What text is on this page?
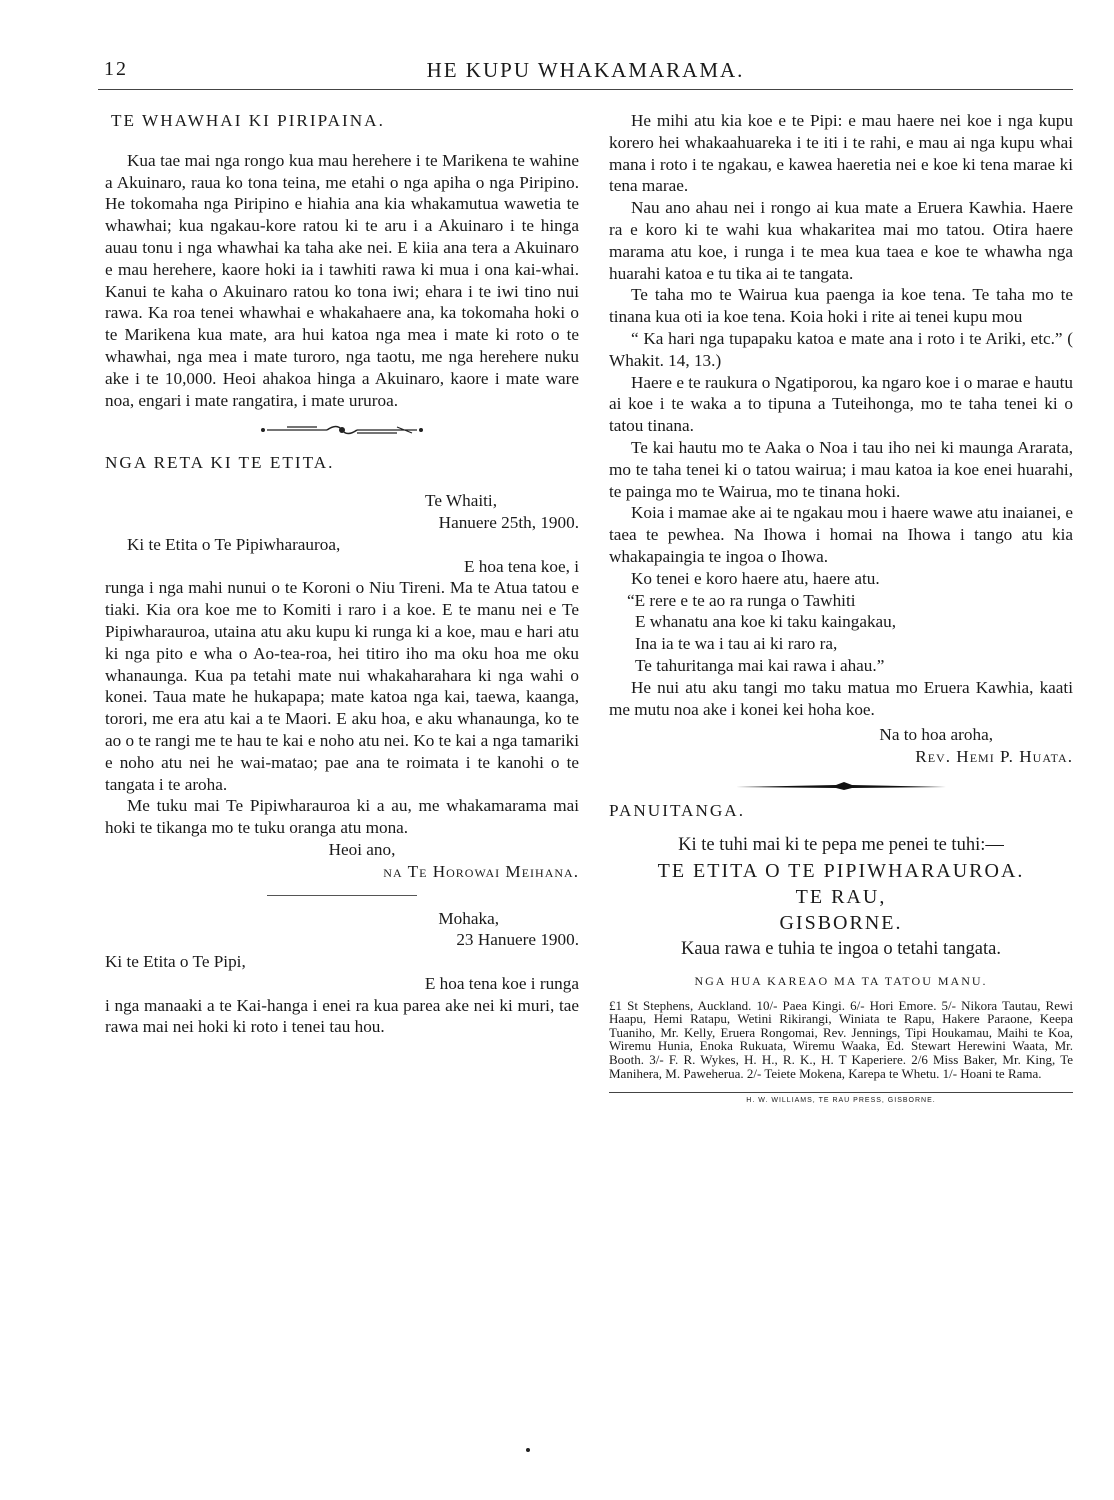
12	HE KUPU WHAKAMARAMA.

TE WHAWHAI KI PIRIPAINA.

Kua tae mai nga rongo kua mau herehere i te Marikena te wahine a Akuinaro, raua ko tona teina, me etahi o nga apiha o nga Piripino. He tokomaha nga Piripino e hiahia ana kia whakamutua wawetia te whawhai; kua ngakau-kore ratou ki te aru i a Akuinaro i te hinga auau tonu i nga whawhai ka taha ake nei. E kiia ana tera a Akuinaro e mau herehere, kaore hoki ia i tawhiti rawa ki mua i ona kai-whai. Kanui te kaha o Akuinaro ratou ko tona iwi; ehara i te iwi tino nui rawa. Ka roa tenei whawhai e whakahaere ana, ka tokomaha hoki o te Marikena kua mate, ara hui katoa nga mea i mate ki roto o te whawhai, nga mea i mate turoro, nga taotu, me nga herehere nuku ake i te 10,000. Heoi ahakoa hinga a Akuinaro, kaore i mate ware noa, engari i mate rangatira, i mate ururoa.

NGA RETA KI TE ETITA.

Te Whaiti,

Hanuere 25th, 1900.

Ki te Etita o Te Pipiwharauroa,

E hoa tena koe, i

runga i nga mahi nunui o te Koroni o Niu Tireni. Ma te Atua tatou e tiaki. Kia ora koe me to Komiti i raro i a koe. E te manu nei e Te Pipiwharauroa, utaina atu aku kupu ki runga ki a koe, mau e hari atu ki nga pito e wha o Ao-tea-roa, hei titiro iho ma oku hoa me oku whanaunga. Kua pa tetahi mate nui whakaharahara ki nga wahi o konei. Taua mate he hukapapa; mate katoa nga kai, taewa, kaanga, torori, me era atu kai a te Maori. E aku hoa, e aku whanaunga, ko te ao o te rangi me te hau te kai e noho atu nei. Ko te kai a nga tamariki e noho atu nei he wai-matao; pae ana te roimata i te kanohi o te tangata i te aroha.

Me tuku mai Te Pipiwharauroa ki a au, me whakamarama mai hoki te tikanga mo te tuku oranga atu mona.

Heoi ano,

na Te Horowai Meihana.

Mohaka,

23 Hanuere 1900.

Ki te Etita o Te Pipi,

E hoa tena koe i runga

i nga manaaki a te Kai-hanga i enei ra kua parea ake nei ki muri, tae rawa mai nei hoki ki roto i tenei tau hou.

He mihi atu kia koe e te Pipi: e mau haere nei koe i nga kupu korero hei whakaahuareka i te iti i te rahi, e mau ai nga kupu whai mana i roto i te ngakau, e kawea haeretia nei e koe ki tena marae ki tena marae.

Nau ano ahau nei i rongo ai kua mate a Eruera Kawhia. Haere ra e koro ki te wahi kua whakaritea mai mo tatou. Otira haere marama atu koe, i runga i te mea kua taea e koe te whawha nga huarahi katoa e tu tika ai te tangata.

Te taha mo te Wairua kua paenga ia koe tena. Te taha mo te tinana kua oti ia koe tena. Koia hoki i rite ai tenei kupu mou

“ Ka hari nga tupapaku katoa e mate ana i roto i te Ariki, etc.” ( Whakit. 14, 13.)

Haere e te raukura o Ngatiporou, ka ngaro koe i o marae e hautu ai koe i te waka a to tipuna a Tuteihonga, mo te taha tenei ki o tatou tinana.

Te kai hautu mo te Aaka o Noa i tau iho nei ki maunga Ararata, mo te taha tenei ki o tatou wairua; i mau katoa ia koe enei huarahi, te painga mo te Wairua, mo te tinana hoki.

Koia i mamae ake ai te ngakau mou i haere wawe atu inaianei, e taea te pewhea. Na Ihowa i homai na Ihowa i tango atu kia whakapaingia te ingoa o Ihowa.

Ko tenei e koro haere atu, haere atu.

“E rere e te ao ra runga o Tawhiti

E whanatu ana koe ki taku kaingakau,

Ina ia te wa i tau ai ki raro ra,

Te tahuritanga mai kai rawa i ahau.”

He nui atu aku tangi mo taku matua mo Eruera Kawhia, kaati me mutu noa ake i konei kei hoha koe.

Na to hoa aroha,

Rev. Hemi P. Huata.

PANUITANGA.

Ki te tuhi mai ki te pepa me penei te tuhi:—

TE ETITA O TE PIPIWHARAUROA.

TE RAU,

GISBORNE.

Kaua rawa e tuhia te ingoa o tetahi tangata.

NGA HUA KAREAO MA TA TATOU MANU.

£1 St Stephens, Auckland. 10/- Paea Kingi. 6/- Hori Emore. 5/- Nikora Tautau, Rewi Haapu, Hemi Ratapu, Wetini Rikirangi, Winiata te Rapu, Hakere Paraone, Keepa Tuaniho, Mr. Kelly, Eruera Rongomai, Rev. Jennings, Tipi Houkamau, Maihi te Koa, Wiremu Hunia, Enoka Rukuata, Wiremu Waaka, Ed. Stewart Herewini Waata, Mr. Booth. 3/- F. R. Wykes, H. H., R. K., H. T Kaperiere. 2/6 Miss Baker, Mr. King, Te Manihera, M. Paweherua. 2/- Teiete Mokena, Karepa te Whetu. 1/- Hoani te Rama.

H. W. WILLIAMS, TE RAU PRESS, GISBORNE.
